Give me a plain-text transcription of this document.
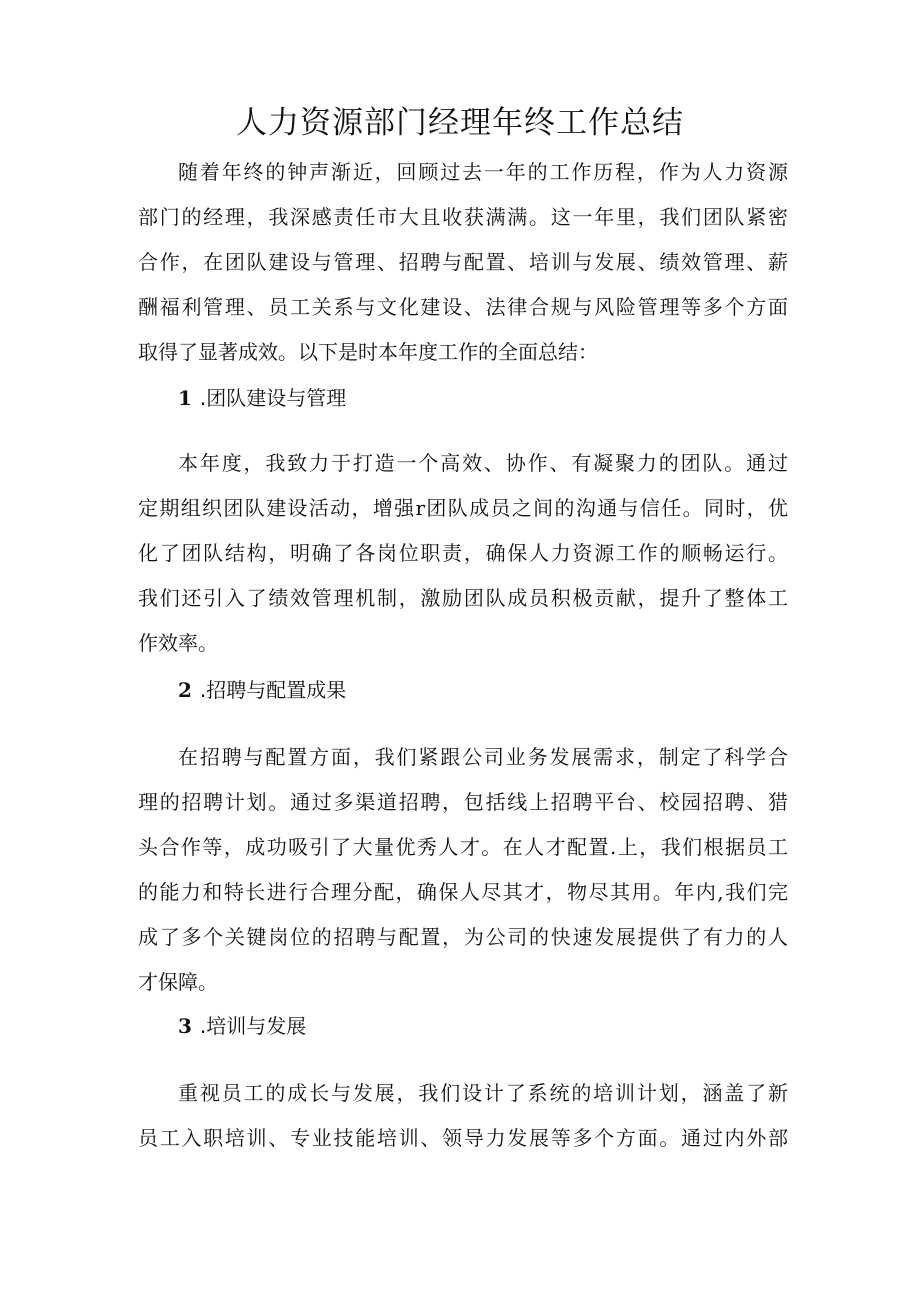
人力资源部门经理年终工作总结
随着年终的钟声渐近，回顾过去一年的工作历程，作为人力资源
部门的经理，我深感责任市大且收获满满。这一年里，我们团队紧密
合作，在团队建设与管理、招聘与配置、培训与发展、绩效管理、薪
酬福利管理、员工关系与文化建设、法律合规与风险管理等多个方面
取得了显著成效。以下是时本年度工作的全面总结：
1 .团队建设与管理
本年度，我致力于打造一个高效、协作、有凝聚力的团队。通过
定期组织团队建设活动，增强r团队成员之间的沟通与信任。同时，优
化了团队结构，明确了各岗位职责，确保人力资源工作的顺畅运行。
我们还引入了绩效管理机制，激励团队成员积极贡献，提升了整体工
作效率。
2 .招聘与配置成果
在招聘与配置方面，我们紧跟公司业务发展需求，制定了科学合
理的招聘计划。通过多渠道招聘，包括线上招聘平台、校园招聘、猎
头合作等，成功吸引了大量优秀人才。在人才配置.上，我们根据员工
的能力和特长进行合理分配，确保人尽其才，物尽其用。年内,我们完
成了多个关键岗位的招聘与配置，为公司的快速发展提供了有力的人
才保障。
3 .培训与发展
重视员工的成长与发展，我们设计了系统的培训计划，涵盖了新
员工入职培训、专业技能培训、领导力发展等多个方面。通过内外部
